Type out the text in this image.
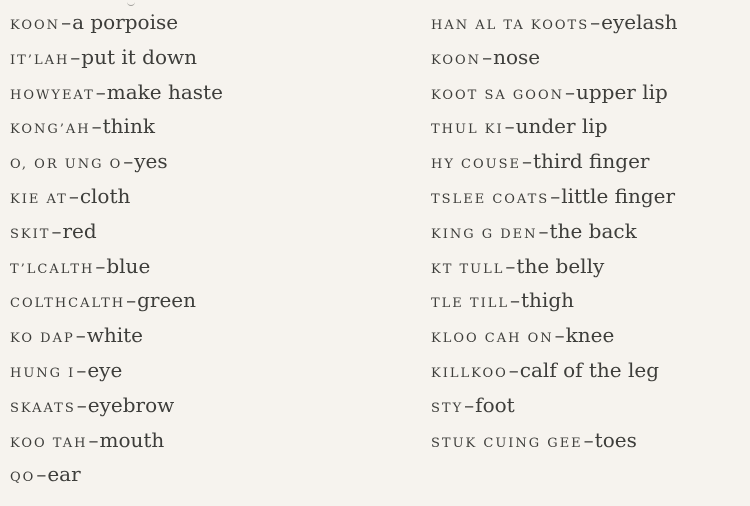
KOON–a porpoise
IT’LAH–put it down
HOWYEAT–make haste
KONG’AH–think
O, OR UNG O–yes
KIE AT–cloth
SKIT–red
T’LCALTH–blue
COLTHCALTH–green
KO DAP–white
HUNG I–eye
SKAATS–eyebrow
KOO TAH–mouth
QO–ear
HAN AL TA KOOTS–eyelash
KOON–nose
KOOT SA GOON–upper lip
THUL KI–under lip
HY COUSE–third finger
TSLEE COATS–little finger
KING G DEN–the back
KT TULL–the belly
TLE TILL–thigh
KLOO CAH ON–knee
KILLKOO–calf of the leg
STY–foot
STUK CUING GEE–toes
